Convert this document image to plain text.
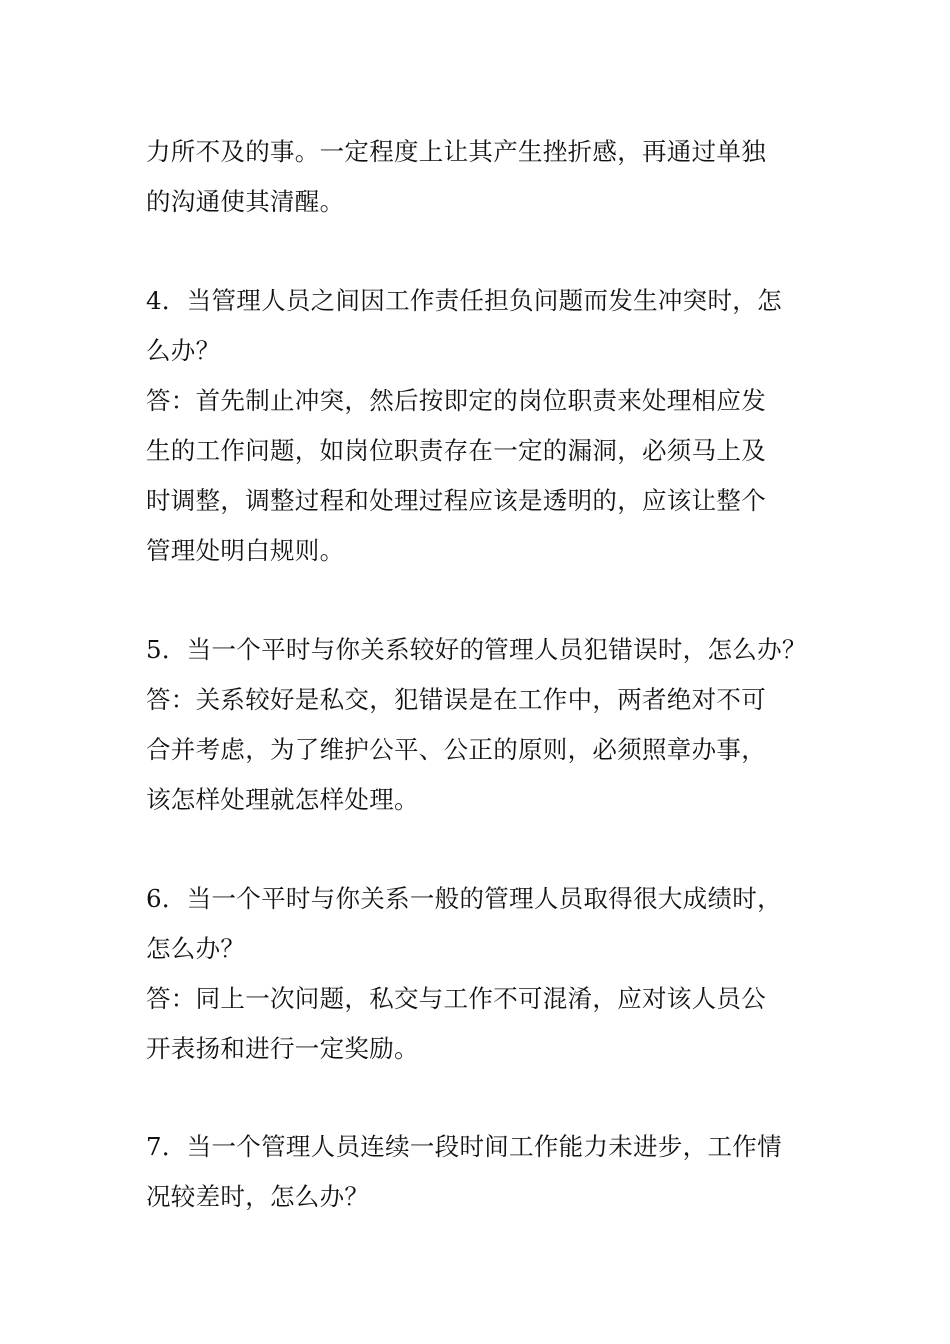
力所不及的事。一定程度上让其产生挫折感，再通过单独
的沟通使其清醒。
4．当管理人员之间因工作责任担负问题而发生冲突时，怎
么办？
答：首先制止冲突，然后按即定的岗位职责来处理相应发
生的工作问题，如岗位职责存在一定的漏洞，必须马上及
时调整，调整过程和处理过程应该是透明的，应该让整个
管理处明白规则。
5．当一个平时与你关系较好的管理人员犯错误时，怎么办？
答：关系较好是私交，犯错误是在工作中，两者绝对不可
合并考虑，为了维护公平、公正的原则，必须照章办事，
该怎样处理就怎样处理。
6．当一个平时与你关系一般的管理人员取得很大成绩时，
怎么办？
答：同上一次问题，私交与工作不可混淆，应对该人员公
开表扬和进行一定奖励。
7．当一个管理人员连续一段时间工作能力未进步，工作情
况较差时，怎么办？
